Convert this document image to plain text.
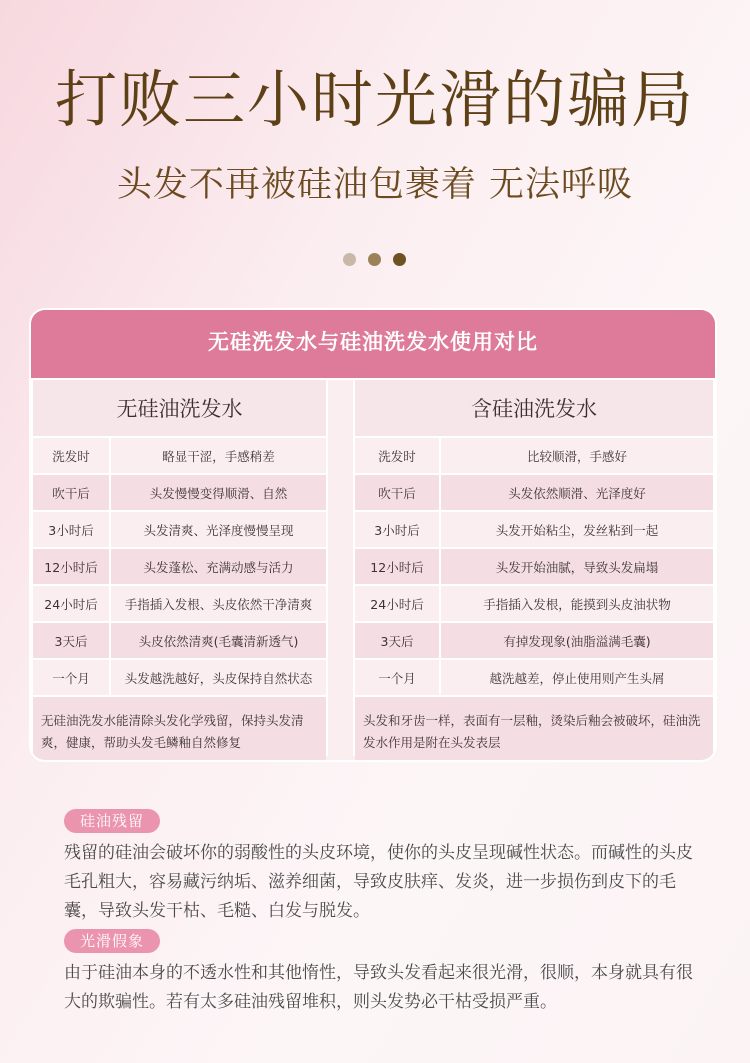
打败三小时光滑的骗局
头发不再被硅油包裹着 无法呼吸
无硅洗发水与硅油洗发水使用对比
无硅油洗发水	含硅油洗发水
洗发时	略显干涩，手感稍差	洗发时	比较顺滑，手感好
吹干后	头发慢慢变得顺滑、自然	吹干后	头发依然顺滑、光泽度好
3小时后	头发清爽、光泽度慢慢呈现	3小时后	头发开始粘尘，发丝粘到一起
12小时后	头发蓬松、充满动感与活力	12小时后	头发开始油腻，导致头发扁塌
24小时后	手指插入发根、头皮依然干净清爽	24小时后	手指插入发根，能摸到头皮油状物
3天后	头皮依然清爽(毛囊清新透气)	3天后	有掉发现象(油脂溢满毛囊)
一个月	头发越洗越好，头皮保持自然状态	一个月	越洗越差，停止使用则产生头屑
无硅油洗发水能清除头发化学残留，保持头发清爽，健康，帮助头发毛鳞釉自然修复
头发和牙齿一样，表面有一层釉，烫染后釉会被破坏，硅油洗发水作用是附在头发表层
硅油残留
残留的硅油会破坏你的弱酸性的头皮环境，使你的头皮呈现碱性状态。而碱性的头皮毛孔粗大，容易藏污纳垢、滋养细菌，导致皮肤痒、发炎，进一步损伤到皮下的毛囊，导致头发干枯、毛糙、白发与脱发。
光滑假象
由于硅油本身的不透水性和其他惰性，导致头发看起来很光滑，很顺，本身就具有很大的欺骗性。若有太多硅油残留堆积，则头发势必干枯受损严重。
